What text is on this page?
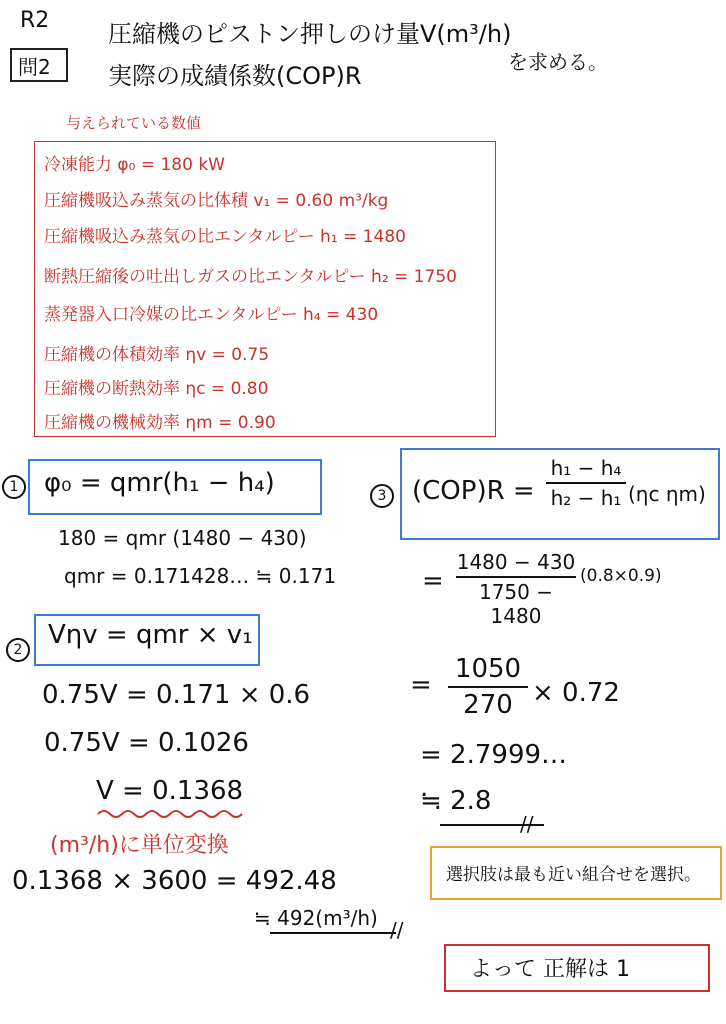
R2
問2
圧縮機のピストン押しのけ量V(m³/h)
実際の成績係数(COP)R	を求める。
与えられている数値
冷凍能力 φ₀ = 180 kW
圧縮機吸込み蒸気の比体積 v₁ = 0.60 m³/kg
圧縮機吸込み蒸気の比エンタルピー h₁ = 1480
断熱圧縮後の吐出しガスの比エンタルピー h₂ = 1750
蒸発器入口冷媒の比エンタルピー h₄ = 430
圧縮機の体積効率 ηv = 0.75
圧縮機の断熱効率 ηc = 0.80
圧縮機の機械効率 ηm = 0.90
1 φ₀ = qmr(h₁ − h₄)
180 = qmr (1480 − 430)
qmr = 0.171428… ≒ 0.171
2 Vηv = qmr × v₁
0.75V = 0.171 × 0.6
0.75V = 0.1026
V = 0.1368
(m³/h)に単位変換
0.1368 × 3600 = 492.48
≒ 492(m³/h) //
3 (COP)R =
h₁ − h₄
h₂ − h₁ (ηc ηm)
=
1480 − 430
1750 − 1480
(0.8×0.9)
=
1050
270 × 0.72
= 2.7999…
≒ 2.8
//
選択肢は最も近い組合せを選択。
よって 正解は 1
